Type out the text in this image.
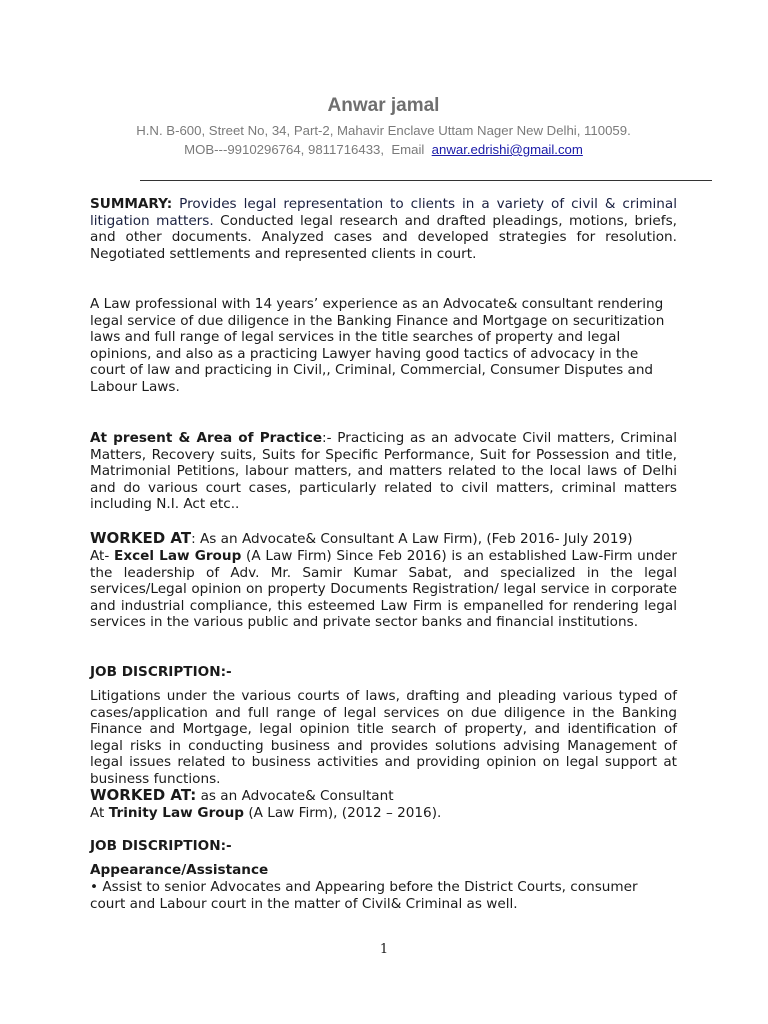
Anwar jamal
H.N. B-600, Street No, 34, Part-2, Mahavir Enclave Uttam Nager New Delhi, 110059.
MOB---9910296764, 9811716433,  Email  anwar.edrishi@gmail.com
SUMMARY: Provides legal representation to clients in a variety of civil & criminal litigation matters. Conducted legal research and drafted pleadings, motions, briefs, and other documents. Analyzed cases and developed strategies for resolution. Negotiated settlements and represented clients in court.
A Law professional with 14 years’ experience as an Advocate& consultant rendering legal service of due diligence in the Banking Finance and Mortgage on securitization laws and full range of legal services in the title searches of property and legal opinions, and also as a practicing Lawyer having good tactics of advocacy in the court of law and practicing in Civil,, Criminal, Commercial, Consumer Disputes and Labour Laws.
At present & Area of Practice:- Practicing as an advocate Civil matters, Criminal Matters, Recovery suits, Suits for Specific Performance, Suit for Possession and title, Matrimonial Petitions, labour matters, and matters related to the local laws of Delhi and do various court cases, particularly related to civil matters, criminal matters including N.I. Act etc..
WORKED AT: As an Advocate& Consultant A Law Firm), (Feb 2016- July 2019)
At- Excel Law Group (A Law Firm) Since Feb 2016) is an established Law-Firm under the leadership of Adv. Mr. Samir Kumar Sabat, and specialized in the legal services/Legal opinion on property Documents Registration/ legal service in corporate and industrial compliance, this esteemed Law Firm is empanelled for rendering legal services in the various public and private sector banks and financial institutions.
JOB DISCRIPTION:-
Litigations under the various courts of laws, drafting and pleading various typed of cases/application and full range of legal services on due diligence in the Banking Finance and Mortgage, legal opinion title search of property, and identification of legal risks in conducting business and provides solutions advising Management of legal issues related to business activities and providing opinion on legal support at business functions.
WORKED AT: as an Advocate& Consultant
At Trinity Law Group (A Law Firm), (2012 – 2016).
JOB DISCRIPTION:-
Appearance/Assistance
• Assist to senior Advocates and Appearing before the District Courts, consumer court and Labour court in the matter of Civil& Criminal as well.
1
